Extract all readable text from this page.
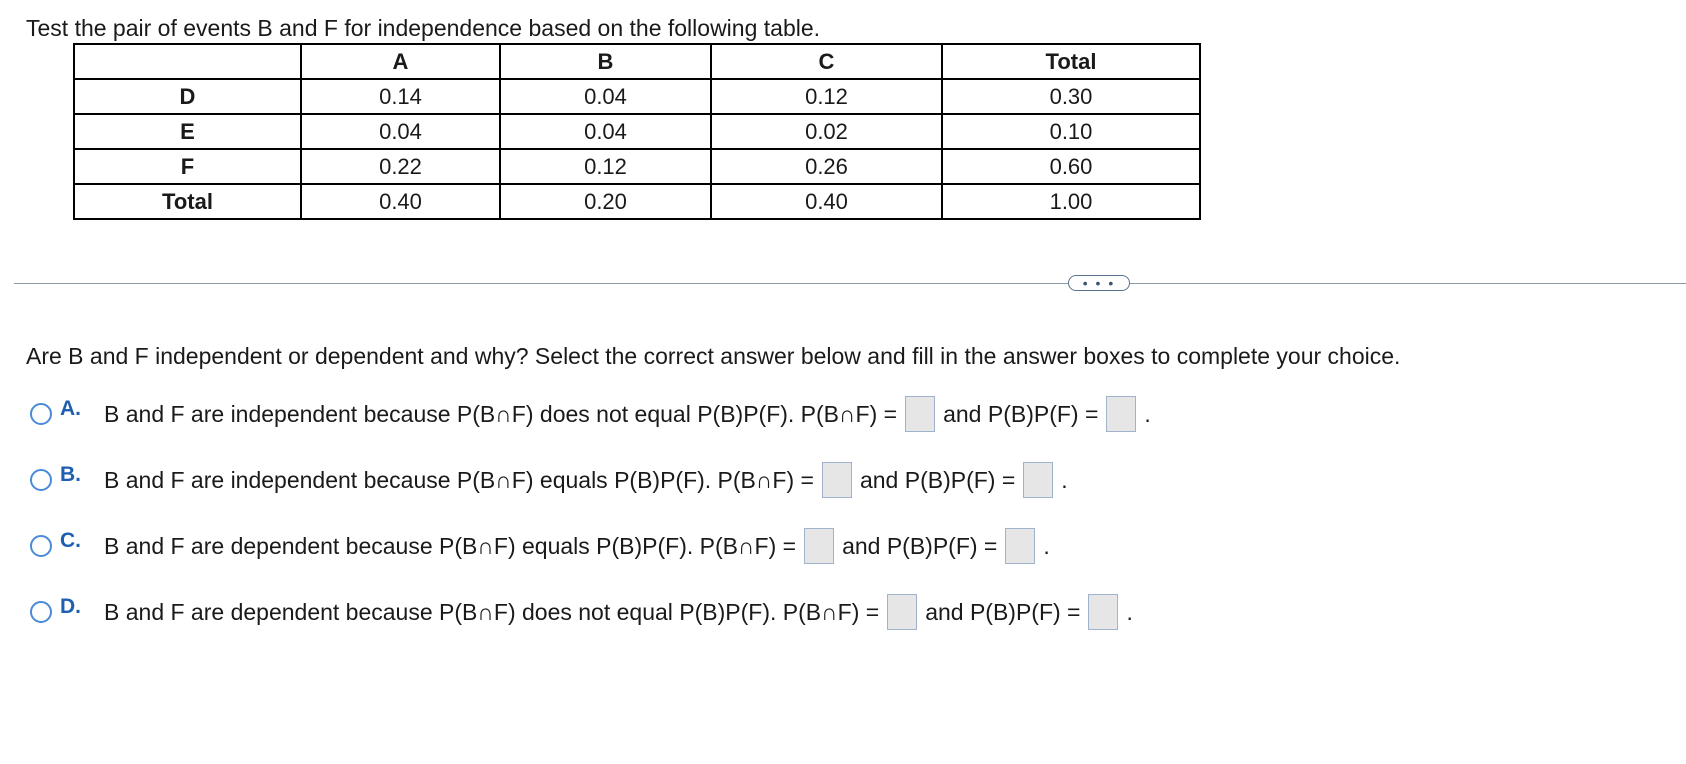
Test the pair of events B and F for independence based on the following table.
	A	B	C	Total
D	0.14	0.04	0.12	0.30
E	0.04	0.04	0.02	0.10
F	0.22	0.12	0.26	0.60
Total	0.40	0.20	0.40	1.00
• • •
Are B and F independent or dependent and why? Select the correct answer below and fill in the answer boxes to complete your choice.
A.	B and F are independent because P(B∩F) does not equal P(B)P(F). P(B∩F) = and P(B)P(F) = .
B.	B and F are independent because P(B∩F) equals P(B)P(F). P(B∩F) = and P(B)P(F) = .
C.	B and F are dependent because P(B∩F) equals P(B)P(F). P(B∩F) = and P(B)P(F) = .
D.	B and F are dependent because P(B∩F) does not equal P(B)P(F). P(B∩F) = and P(B)P(F) = .
